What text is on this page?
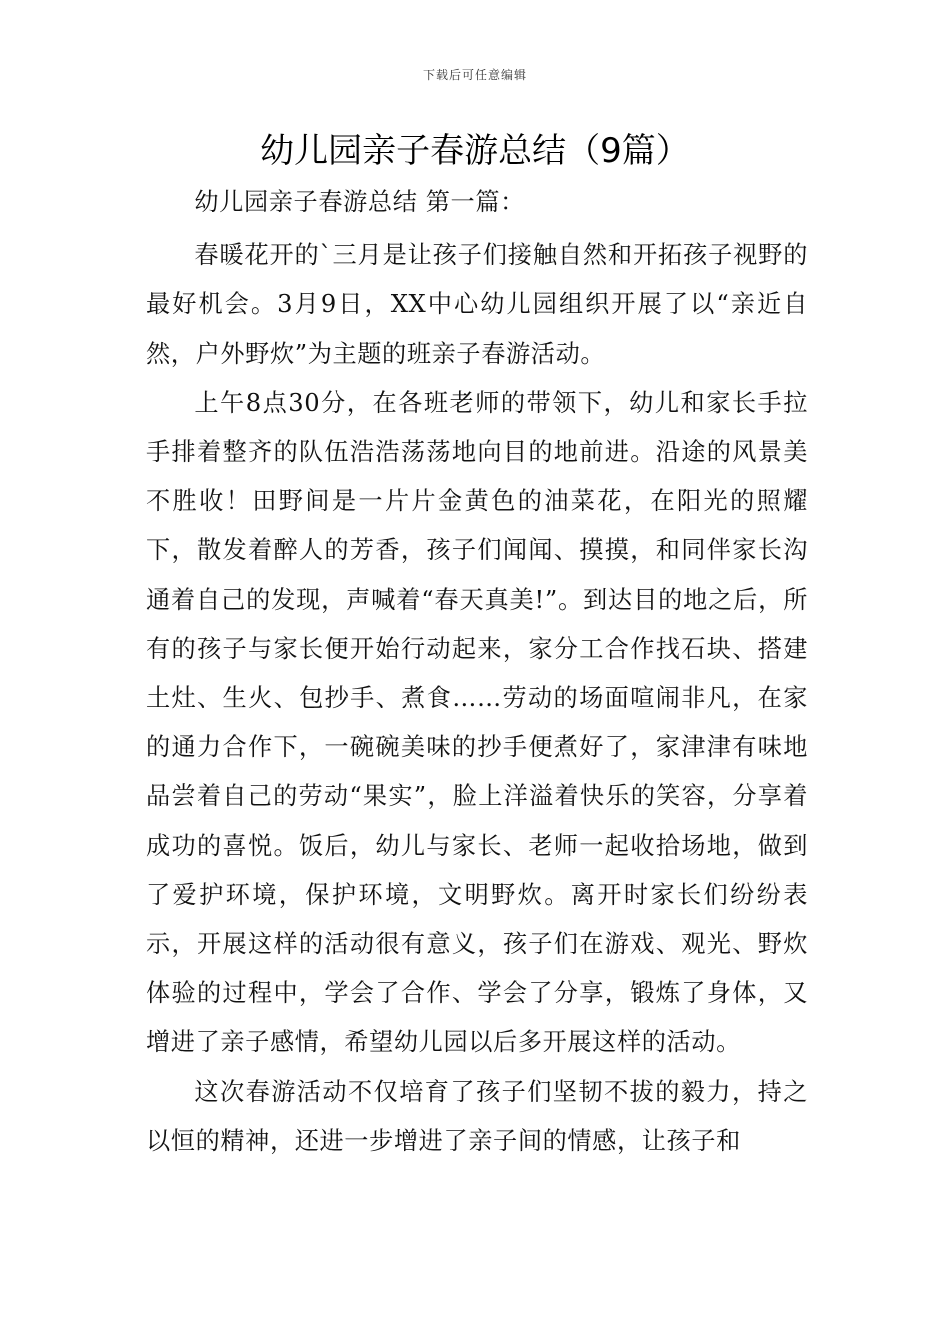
下载后可任意编辑
幼儿园亲子春游总结（9篇）

幼儿园亲子春游总结 第一篇：

春暖花开的`三月是让孩子们接触自然和开拓孩子视野的最好机会。3月9日，XX中心幼儿园组织开展了以“亲近自然，户外野炊”为主题的班亲子春游活动。

上午8点30分，在各班老师的带领下，幼儿和家长手拉手排着整齐的队伍浩浩荡荡地向目的地前进。沿途的风景美不胜收！田野间是一片片金黄色的油菜花，在阳光的照耀下，散发着醉人的芳香，孩子们闻闻、摸摸，和同伴家长沟通着自己的发现，声喊着“春天真美!”。到达目的地之后，所有的孩子与家长便开始行动起来，家分工合作找石块、搭建土灶、生火、包抄手、煮食……劳动的场面喧闹非凡，在家的通力合作下，一碗碗美味的抄手便煮好了，家津津有味地品尝着自己的劳动“果实”，脸上洋溢着快乐的笑容，分享着成功的喜悦。饭后，幼儿与家长、老师一起收拾场地，做到了爱护环境，保护环境，文明野炊。离开时家长们纷纷表示，开展这样的活动很有意义，孩子们在游戏、观光、野炊体验的过程中，学会了合作、学会了分享，锻炼了身体，又增进了亲子感情，希望幼儿园以后多开展这样的活动。

这次春游活动不仅培育了孩子们坚韧不拔的毅力，持之以恒的精神，还进一步增进了亲子间的情感，让孩子和
